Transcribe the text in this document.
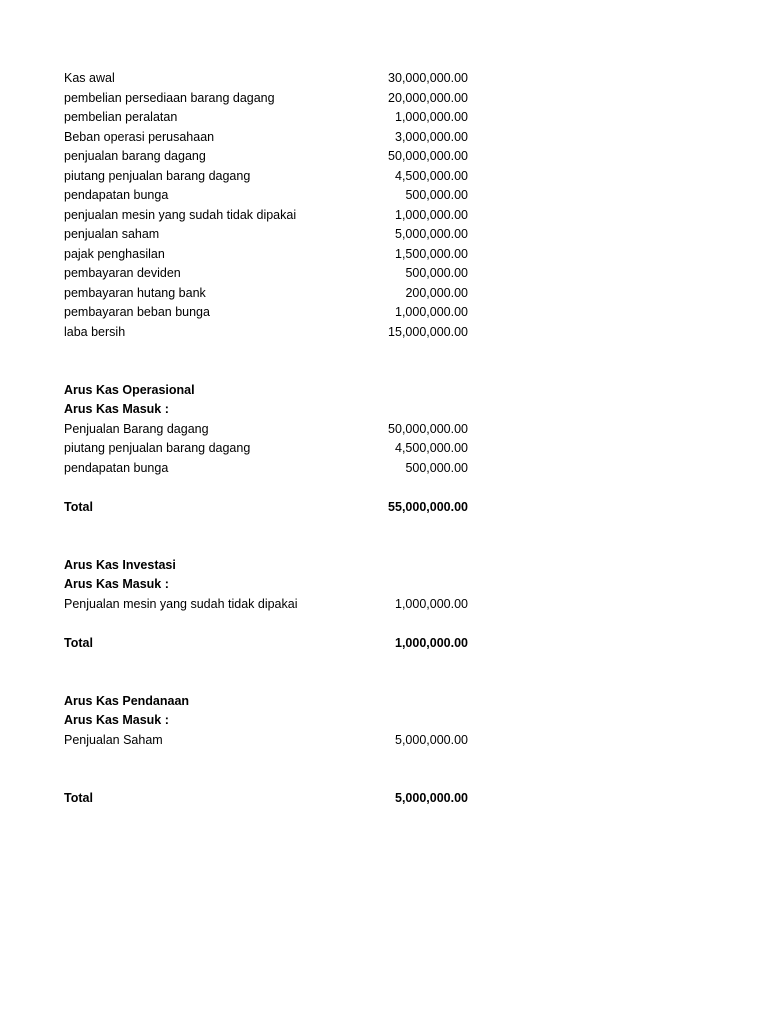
Kas awal	30,000,000.00
pembelian persediaan barang dagang	20,000,000.00
pembelian peralatan	1,000,000.00
Beban operasi perusahaan	3,000,000.00
penjualan barang dagang	50,000,000.00
piutang penjualan barang dagang	4,500,000.00
pendapatan bunga	500,000.00
penjualan mesin yang sudah tidak dipakai	1,000,000.00
penjualan saham	5,000,000.00
pajak penghasilan	1,500,000.00
pembayaran deviden	500,000.00
pembayaran hutang bank	200,000.00
pembayaran beban bunga	1,000,000.00
laba bersih	15,000,000.00
Arus Kas Operasional
Arus Kas Masuk :
Penjualan Barang dagang	50,000,000.00
piutang penjualan barang dagang	4,500,000.00
pendapatan bunga	500,000.00
Total	55,000,000.00
Arus Kas Investasi
Arus Kas Masuk :
Penjualan mesin yang sudah tidak dipakai	1,000,000.00
Total	1,000,000.00
Arus Kas Pendanaan
Arus Kas Masuk :
Penjualan Saham	5,000,000.00
Total	5,000,000.00
